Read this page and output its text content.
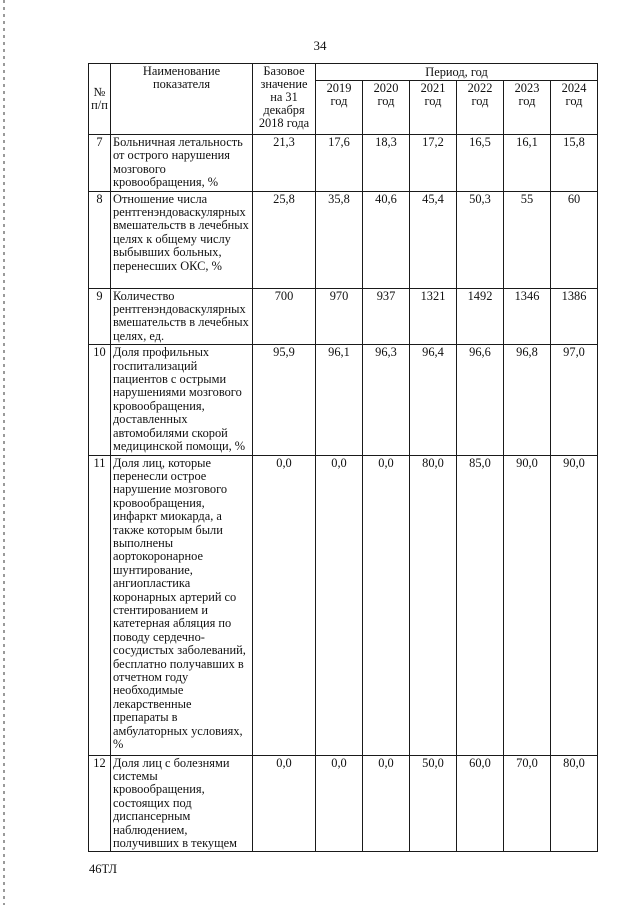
34
№ п/п	Наименование показателя	Базовое значение на 31 декабря 2018 года	Период, год					
			2019 год	2020 год	2021 год	2022 год	2023 год	2024 год
7	Больничная летальность от острого нарушения мозгового кровообращения, %	21,3	17,6	18,3	17,2	16,5	16,1	15,8
8	Отношение числа рентгенэндоваскулярных вмешательств в лечебных целях к общему числу выбывших больных, перенесших ОКС, %	25,8	35,8	40,6	45,4	50,3	55	60
9	Количество рентгенэндоваскулярных вмешательств в лечебных целях, ед.	700	970	937	1321	1492	1346	1386
10	Доля профильных госпитализаций пациентов с острыми нарушениями мозгового кровообращения, доставленных автомобилями скорой медицинской помощи, %	95,9	96,1	96,3	96,4	96,6	96,8	97,0
11	Доля лиц, которые перенесли острое нарушение мозгового кровообращения, инфаркт миокарда, а также которым были выполнены аортокоронарное шунтирование, ангиопластика коронарных артерий со стентированием и катетерная абляция по поводу сердечно-сосудистых заболеваний, бесплатно получавших в отчетном году необходимые лекарственные препараты в амбулаторных условиях, %	0,0	0,0	0,0	80,0	85,0	90,0	90,0
12	Доля лиц с болезнями системы кровообращения, состоящих под диспансерным наблюдением, получивших в текущем	0,0	0,0	0,0	50,0	60,0	70,0	80,0
46ТЛ
